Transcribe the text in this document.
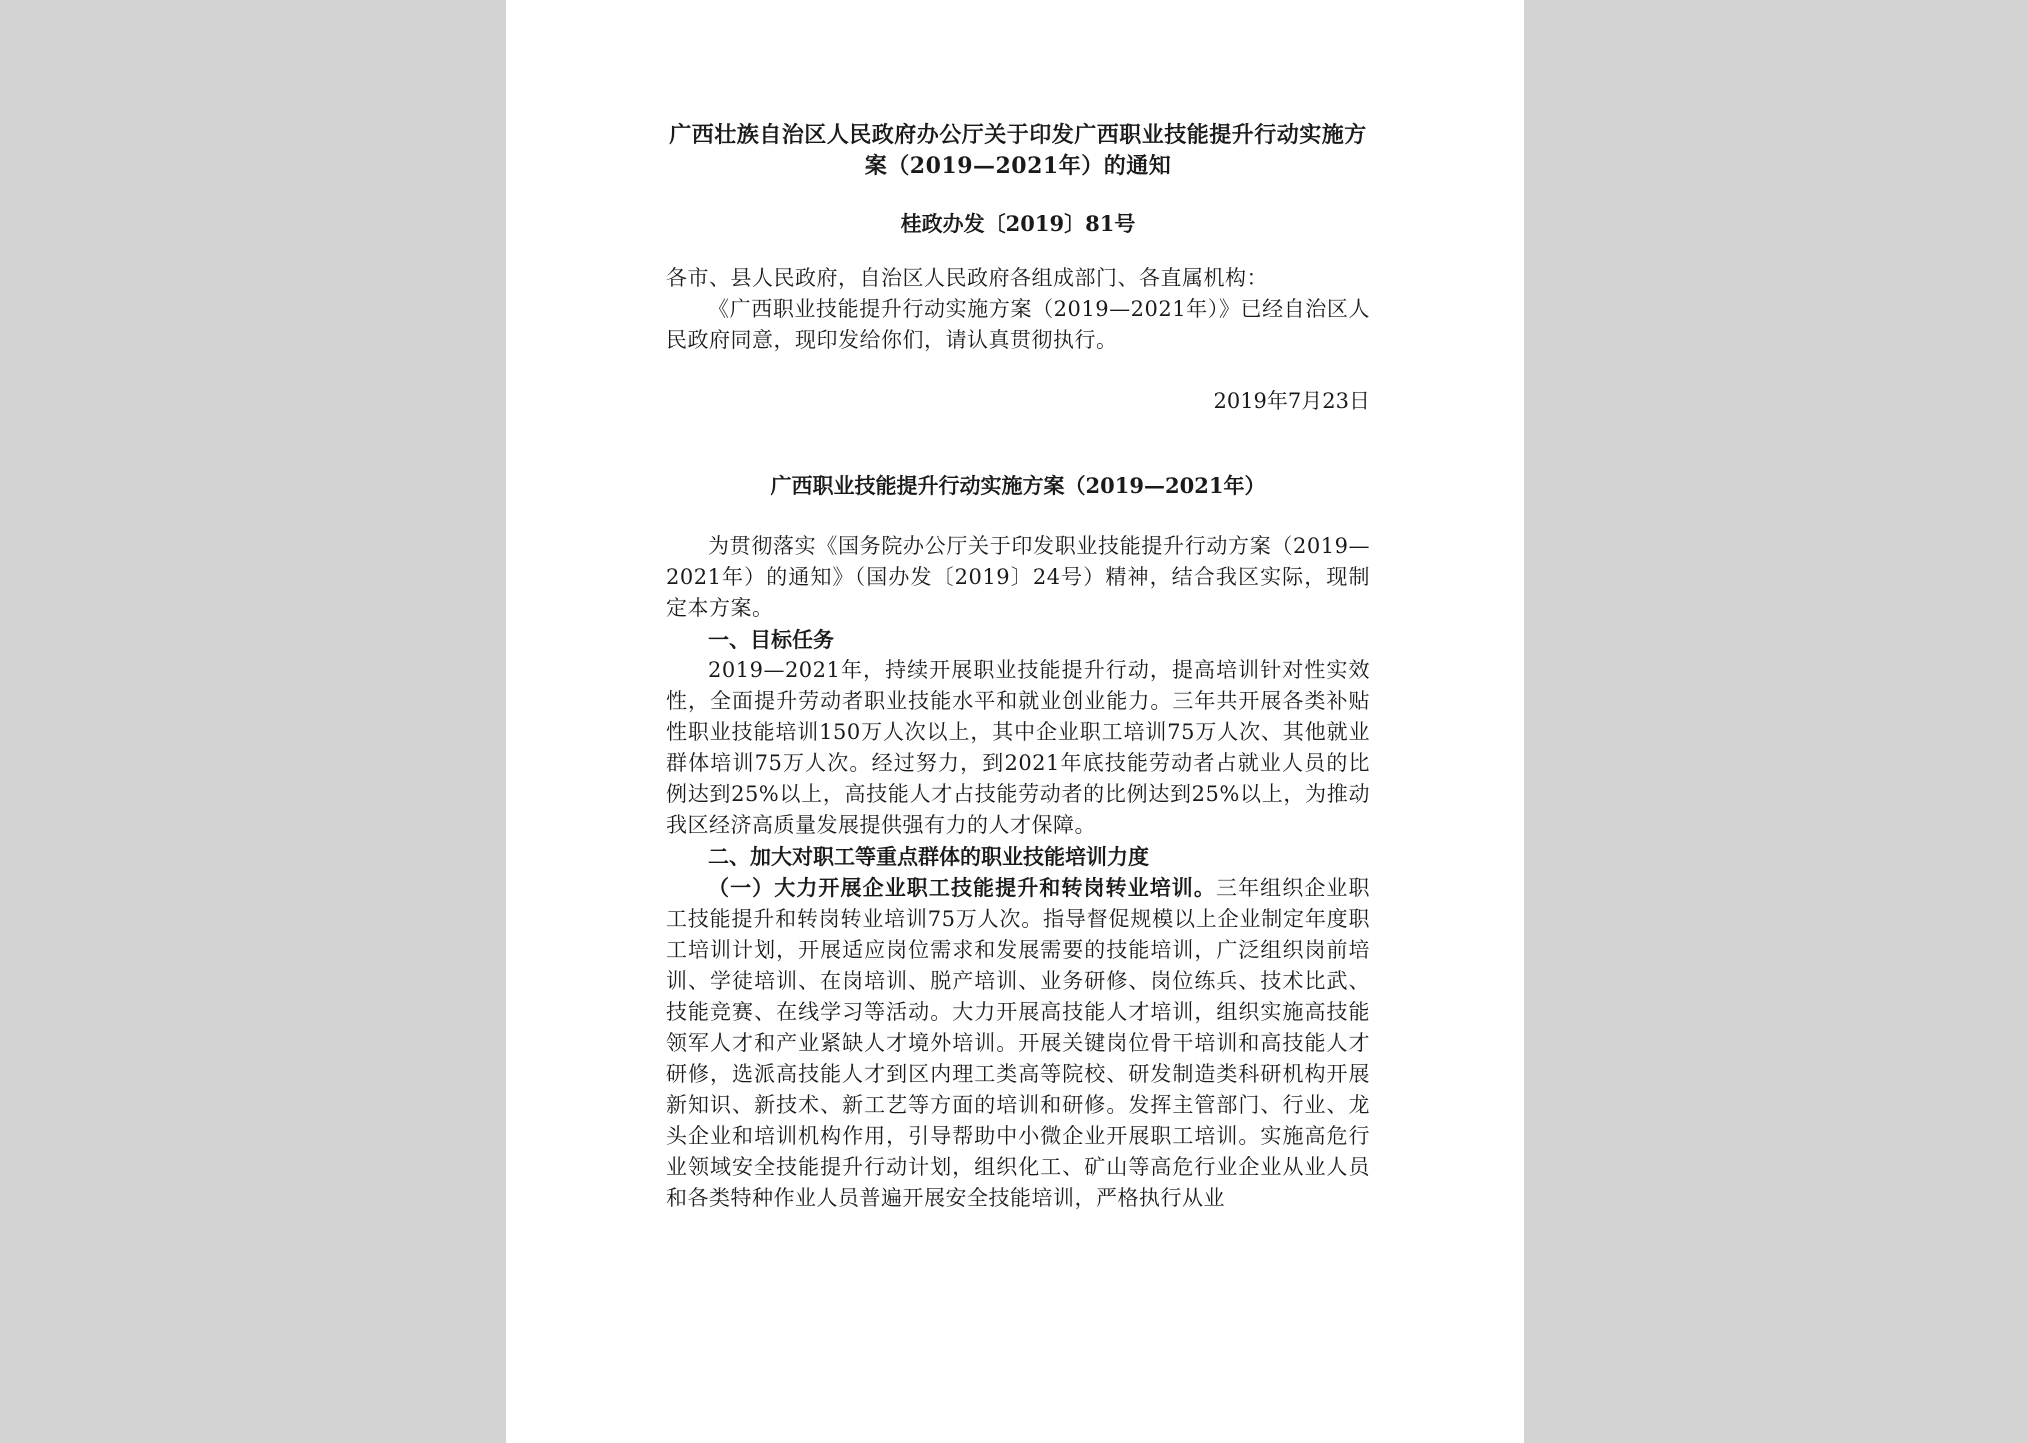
广西壮族自治区人民政府办公厅关于印发广西职业技能提升行动实施方案（2019—2021年）的通知

桂政办发〔2019〕81号

各市、县人民政府，自治区人民政府各组成部门、各直属机构：

《广西职业技能提升行动实施方案（2019—2021年）》已经自治区人民政府同意，现印发给你们，请认真贯彻执行。

2019年7月23日

广西职业技能提升行动实施方案（2019—2021年）

为贯彻落实《国务院办公厅关于印发职业技能提升行动方案（2019—2021年）的通知》（国办发〔2019〕24号）精神，结合我区实际，现制定本方案。

一、目标任务

2019—2021年，持续开展职业技能提升行动，提高培训针对性实效性，全面提升劳动者职业技能水平和就业创业能力。三年共开展各类补贴性职业技能培训150万人次以上，其中企业职工培训75万人次、其他就业群体培训75万人次。经过努力，到2021年底技能劳动者占就业人员的比例达到25%以上，高技能人才占技能劳动者的比例达到25%以上，为推动我区经济高质量发展提供强有力的人才保障。

二、加大对职工等重点群体的职业技能培训力度

（一）大力开展企业职工技能提升和转岗转业培训。三年组织企业职工技能提升和转岗转业培训75万人次。指导督促规模以上企业制定年度职工培训计划，开展适应岗位需求和发展需要的技能培训，广泛组织岗前培训、学徒培训、在岗培训、脱产培训、业务研修、岗位练兵、技术比武、技能竞赛、在线学习等活动。大力开展高技能人才培训，组织实施高技能领军人才和产业紧缺人才境外培训。开展关键岗位骨干培训和高技能人才研修，选派高技能人才到区内理工类高等院校、研发制造类科研机构开展新知识、新技术、新工艺等方面的培训和研修。发挥主管部门、行业、龙头企业和培训机构作用，引导帮助中小微企业开展职工培训。实施高危行业领域安全技能提升行动计划，组织化工、矿山等高危行业企业从业人员和各类特种作业人员普遍开展安全技能培训，严格执行从业
